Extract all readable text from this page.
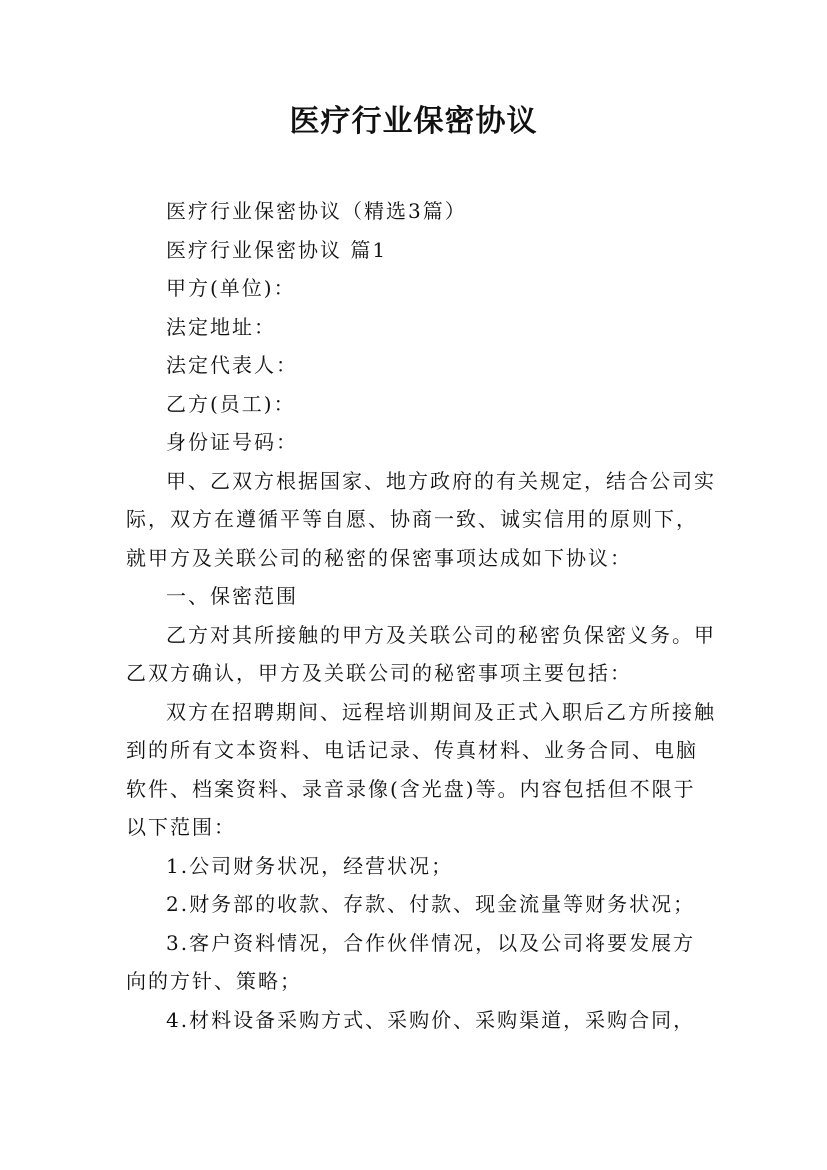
医疗行业保密协议

医疗行业保密协议（精选3篇）

医疗行业保密协议 篇1

甲方(单位)：

法定地址：

法定代表人：

乙方(员工)：

身份证号码：

甲、乙双方根据国家、地方政府的有关规定，结合公司实际，双方在遵循平等自愿、协商一致、诚实信用的原则下，就甲方及关联公司的秘密的保密事项达成如下协议：

一、保密范围

乙方对其所接触的甲方及关联公司的秘密负保密义务。甲乙双方确认，甲方及关联公司的秘密事项主要包括：

双方在招聘期间、远程培训期间及正式入职后乙方所接触到的所有文本资料、电话记录、传真材料、业务合同、电脑软件、档案资料、录音录像(含光盘)等。内容包括但不限于以下范围：

1.公司财务状况，经营状况；

2.财务部的收款、存款、付款、现金流量等财务状况；

3.客户资料情况，合作伙伴情况，以及公司将要发展方向的方针、策略；

4.材料设备采购方式、采购价、采购渠道，采购合同，
